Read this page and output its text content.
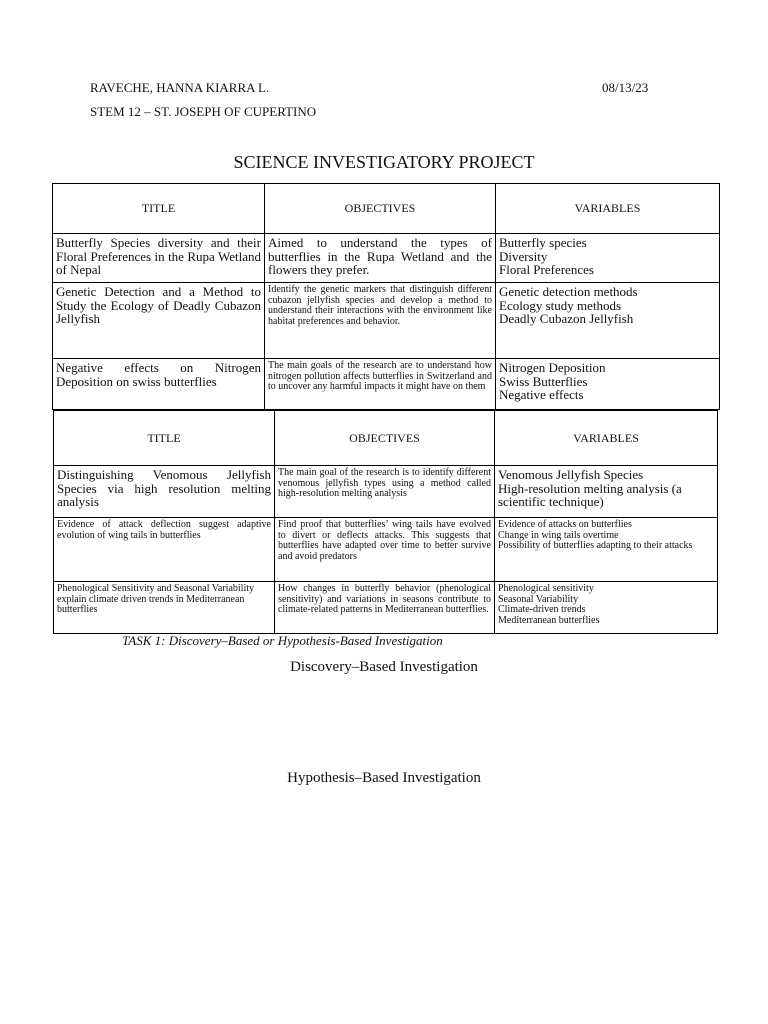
RAVECHE, HANNA KIARRA L.	08/13/23
STEM 12 – ST. JOSEPH OF CUPERTINO
SCIENCE INVESTIGATORY PROJECT
TITLE	OBJECTIVES	VARIABLES
Butterfly Species diversity and their Floral Preferences in the Rupa Wetland of Nepal	Aimed to understand the types of butterflies in the Rupa Wetland and the flowers they prefer.	Butterfly species
Diversity
Floral Preferences

Genetic Detection and a Method to Study the Ecology of Deadly Cubazon Jellyfish	Identify the genetic markers that distinguish different cubazon jellyfish species and develop a method to understand their interactions with the environment like habitat preferences and behavior.	Genetic detection methods
Ecology study methods
Deadly Cubazon Jellyfish

Negative effects on Nitrogen Deposition on swiss butterflies	The main goals of the research are to understand how nitrogen pollution affects butterflies in Switzerland and to uncover any harmful impacts it might have on them	Nitrogen Deposition
Swiss Butterflies
Negative effects
TITLE	OBJECTIVES	VARIABLES
Distinguishing Venomous Jellyfish Species via high resolution melting analysis	The main goal of the research is to identify different venomous jellyfish types using a method called high-resolution melting analysis	Venomous Jellyfish Species
High-resolution melting analysis (a scientific technique)

Evidence of attack deflection suggest adaptive evolution of wing tails in butterflies	Find proof that butterflies’ wing tails have evolved to divert or deflects attacks. This suggests that butterflies have adapted over time to better survive and avoid predators	Evidence of attacks on butterflies
Change in wing tails overtime
Possibility of butterflies adapting to their attacks

Phenological Sensitivity and Seasonal Variability explain climate driven trends in Mediterranean butterflies	How changes in butterfly behavior (phenological sensitivity) and variations in seasons contribute to climate-related patterns in Mediterranean butterflies.	Phenological sensitivity
Seasonal Variability
Climate-driven trends
Mediterranean butterflies
TASK 1: Discovery–Based or Hypothesis-Based Investigation
Discovery–Based Investigation
Hypothesis–Based Investigation
